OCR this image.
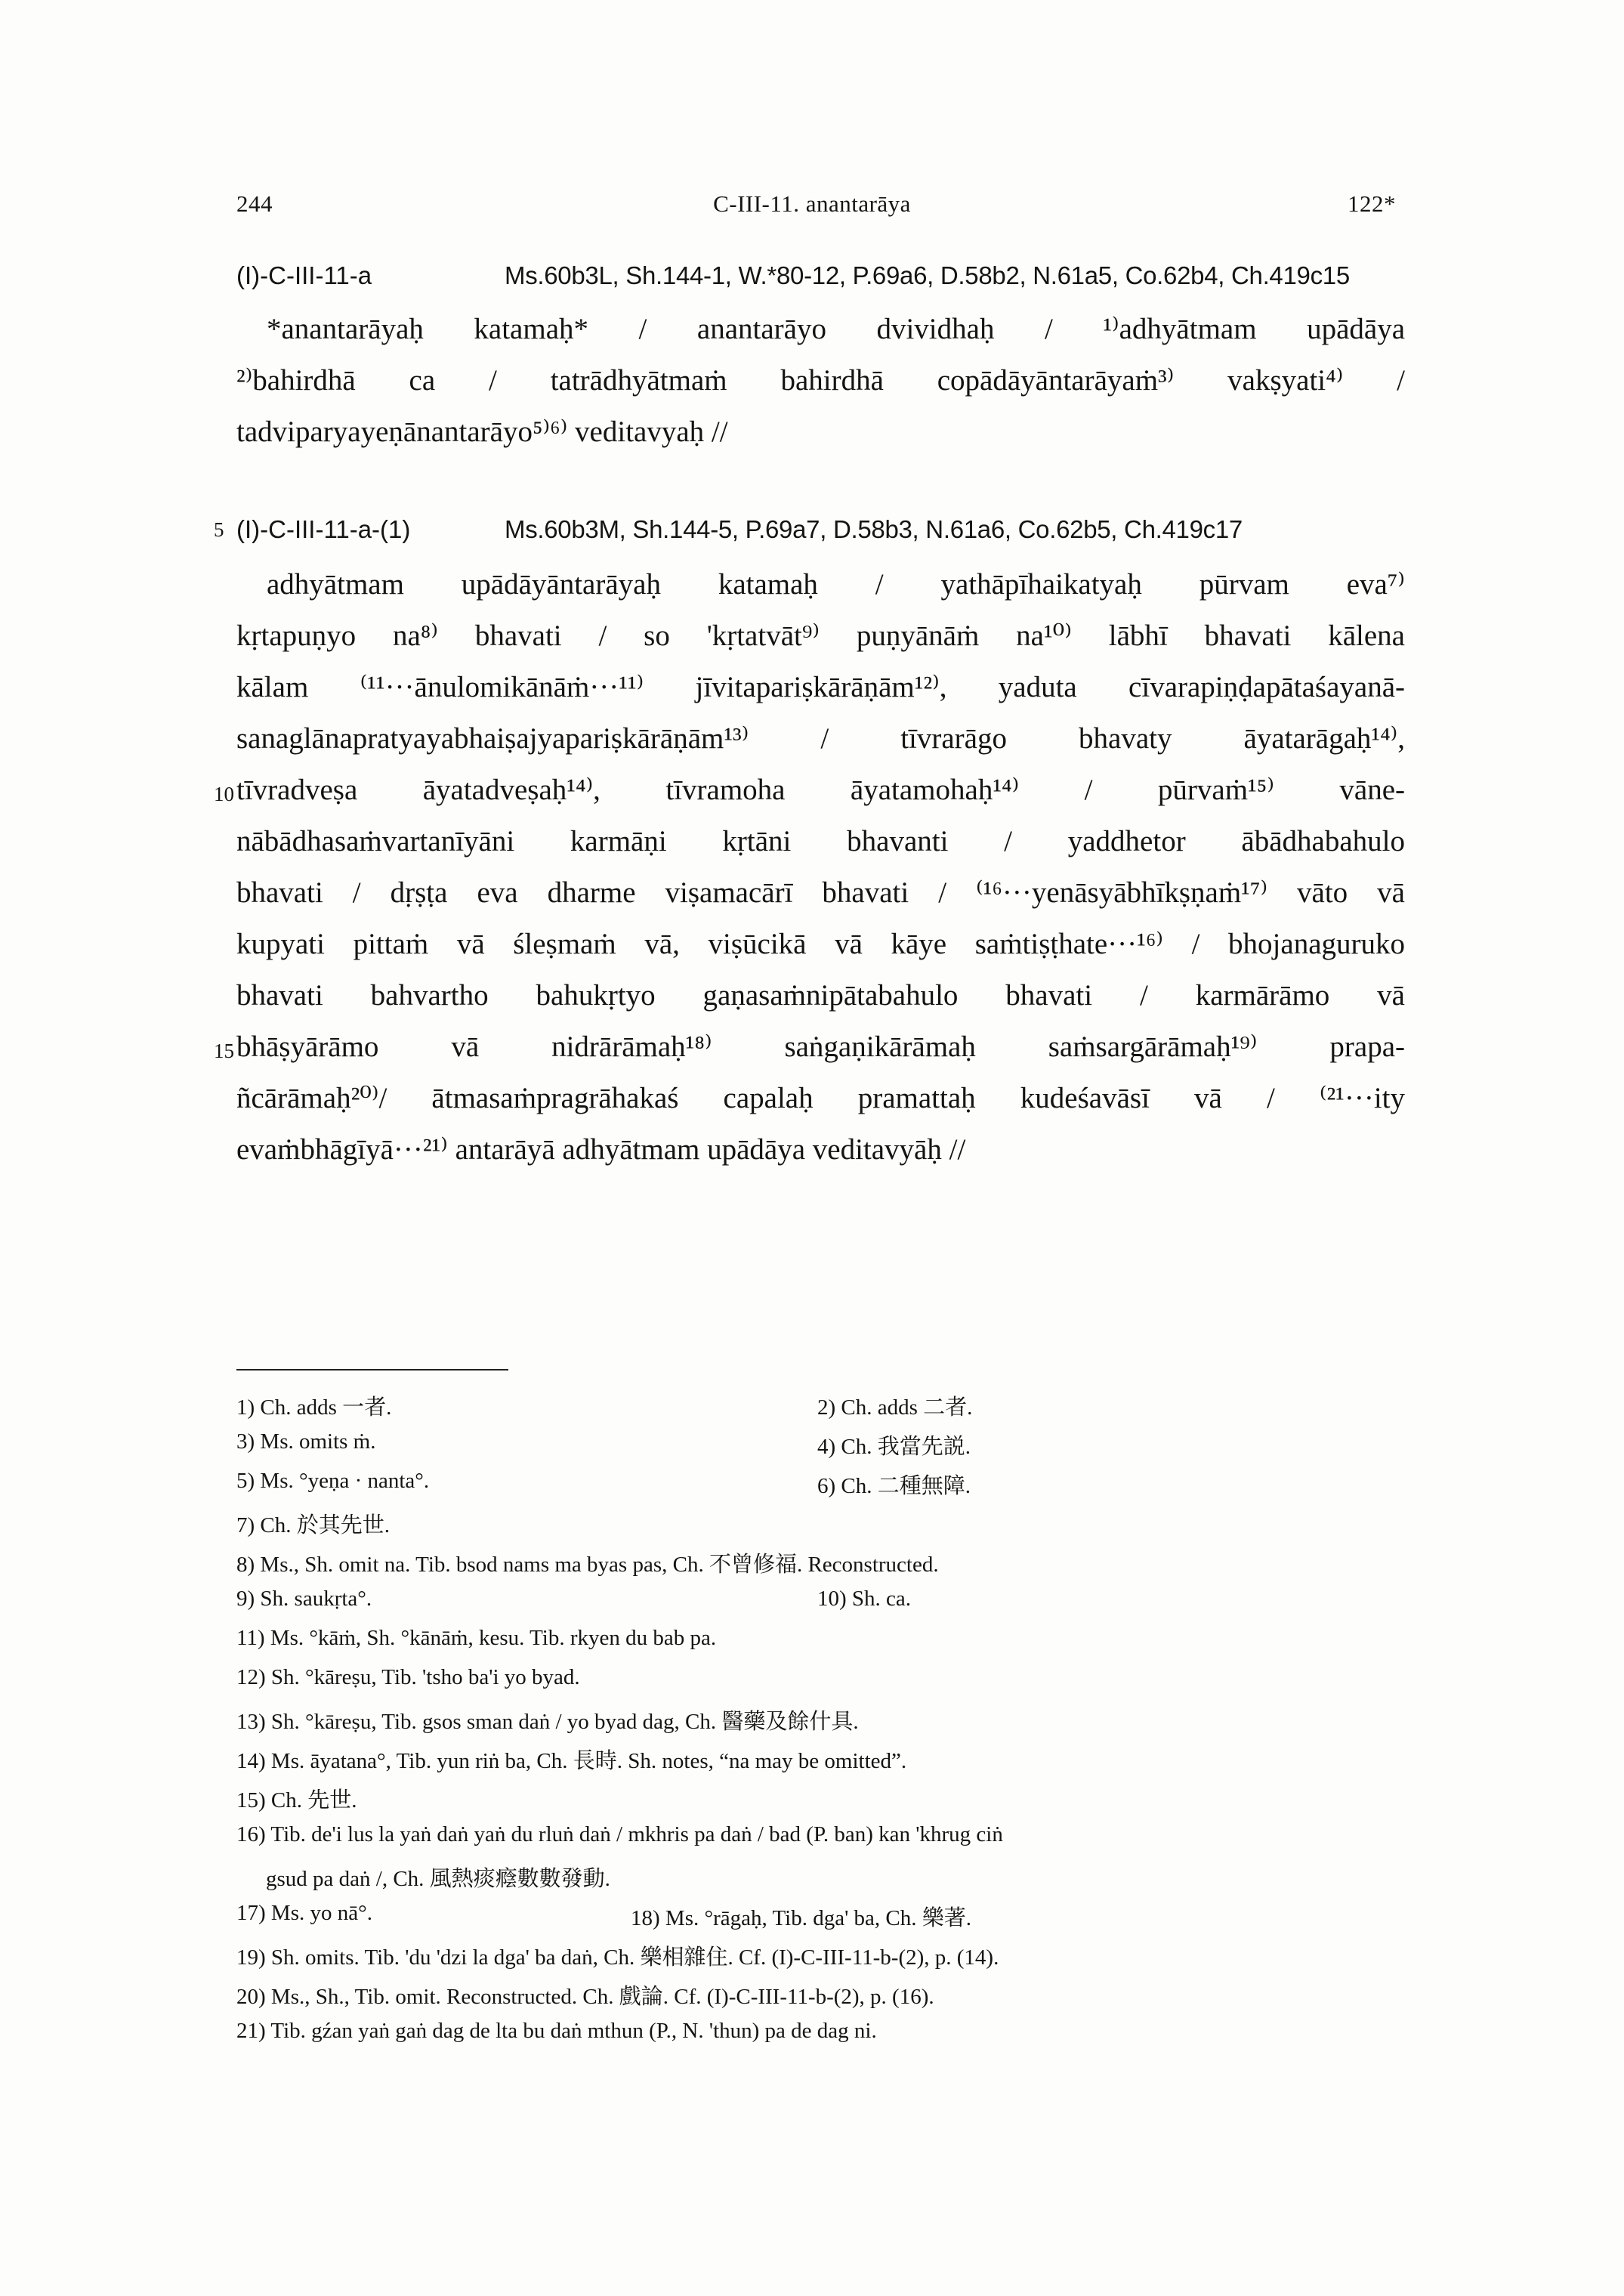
244	C-III-11. anantarāya	122*
(I)-C-III-11-a	Ms.60b3L, Sh.144-1, W.*80-12, P.69a6, D.58b2, N.61a5, Co.62b4, Ch.419c15
*anantarāyaḥ katamaḥ* / anantarāyo dvividhaḥ / ¹⁾adhyātmam upādāya
²⁾bahirdhā ca / tatrādhyātmaṁ bahirdhā copādāyāntarāyaṁ³⁾ vakṣyati⁴⁾ /
tadviparyayeṇānantarāyo⁵⁾⁶⁾ veditavyaḥ //
5 (I)-C-III-11-a-(1)	Ms.60b3M, Sh.144-5, P.69a7, D.58b3, N.61a6, Co.62b5, Ch.419c17
adhyātmam upādāyāntarāyaḥ katamaḥ / yathāpīhaikatyaḥ pūrvam eva⁷⁾
kṛtapuṇyo na⁸⁾ bhavati / so 'kṛtatvāt⁹⁾ puṇyānāṁ na¹⁰⁾ lābhī bhavati kālena
kālam ⁽¹¹···ānulomikānāṁ···¹¹⁾ jīvitapariṣkārāṇām¹²⁾, yaduta cīvarapiṇḍapātaśayanā-
sanaglānapratyayabhaiṣajyapariṣkārāṇām¹³⁾ / tīvrarāgo bhavaty āyatarāgaḥ¹⁴⁾,
tīvradveṣa āyatadveṣaḥ¹⁴⁾, tīvramoha āyatamohaḥ¹⁴⁾ / pūrvaṁ¹⁵⁾ vāne-
nābādhasaṁvartanīyāni karmāṇi kṛtāni bhavanti / yaddhetor ābādhabahulo
bhavati / dṛṣṭa eva dharme viṣamacārī bhavati / ⁽¹⁶···yenāsyābhīkṣṇaṁ¹⁷⁾ vāto vā
kupyati pittaṁ vā śleṣmaṁ vā, viṣūcikā vā kāye saṁtiṣṭhate···¹⁶⁾ / bhojanaguruko
bhavati bahvartho bahukṛtyo gaṇasaṁnipātabahulo bhavati / karmārāmo vā
bhāṣyārāmo vā nidrārāmaḥ¹⁸⁾ saṅgaṇikārāmaḥ saṁsargārāmaḥ¹⁹⁾ prapa-
ñcārāmaḥ²⁰⁾/ ātmasaṁpragrāhakaś capalaḥ pramattaḥ kudeśavāsī vā / ⁽²¹···ity
evaṁbhāgīyā···²¹⁾ antarāyā adhyātmam upādāya veditavyāḥ //
10
15
1) Ch. adds 一者.	2) Ch. adds 二者.
3) Ms. omits ṁ.	4) Ch. 我當先説.
5) Ms. °yeṇa · nanta°.	6) Ch. 二種無障.
7) Ch. 於其先世.
8) Ms., Sh. omit na. Tib. bsod nams ma byas pas, Ch. 不曾修福. Reconstructed.
9) Sh. saukṛta°.	10) Sh. ca.
11) Ms. °kāṁ, Sh. °kānāṁ, kesu. Tib. rkyen du bab pa.
12) Sh. °kāreṣu, Tib. 'tsho ba'i yo byad.
13) Sh. °kāreṣu, Tib. gsos sman daṅ / yo byad dag, Ch. 醫藥及餘什具.
14) Ms. āyatana°, Tib. yun riṅ ba, Ch. 長時. Sh. notes, “na may be omitted”.
15) Ch. 先世.
16) Tib. de'i lus la yaṅ daṅ yaṅ du rluṅ daṅ / mkhris pa daṅ / bad (P. ban) kan 'khrug ciṅ
gsud pa daṅ /, Ch. 風熱痰癊數數發動.
17) Ms. yo nā°.	18) Ms. °rāgaḥ, Tib. dga' ba, Ch. 樂著.
19) Sh. omits. Tib. 'du 'dzi la dga' ba daṅ, Ch. 樂相雜住. Cf. (I)-C-III-11-b-(2), p. (14).
20) Ms., Sh., Tib. omit. Reconstructed. Ch. 戲論. Cf. (I)-C-III-11-b-(2), p. (16).
21) Tib. gźan yaṅ gaṅ dag de lta bu daṅ mthun (P., N. 'thun) pa de dag ni.
